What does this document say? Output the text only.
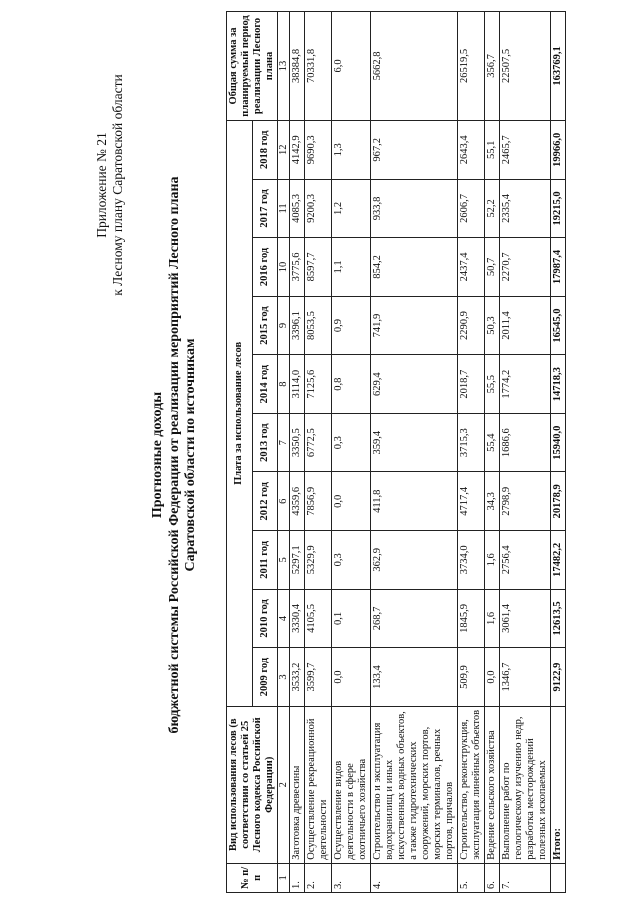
Приложение № 21 к Лесному плану Саратовской области
Прогнозные доходы бюджетной системы Российской Федерации от реализации мероприятий Лесного плана Саратовской области по источникам
№ п/п	Вид использования лесов (в соответствии со статьей 25 Лесного кодекса Российской Федерации)	Плата за использование лесов										Общая сумма за планируемый период реализации Лесного плана
		2009 год	2010 год	2011 год	2012 год	2013 год	2014 год	2015 год	2016 год	2017 год	2018 год	
1	2	3	4	5	6	7	8	9	10	11	12	13
1.	Заготовка древесины	3533,2	3330,4	5297,1	4359,6	3350,5	3114,0	3396,1	3775,6	4085,3	4142,9	38384,8
2.	Осуществление рекреационной деятельности	3599,7	4105,5	5329,9	7856,9	6772,5	7125,6	8053,5	8597,7	9200,3	9690,3	70331,8
3.	Осуществление видов деятельности в сфере охотничьего хозяйства	0,0	0,1	0,3	0,0	0,3	0,8	0,9	1,1	1,2	1,3	6,0
4.	Строительство и эксплуатация водохранилищ и иных искусственных водных объектов, а также гидротехнических сооружений, морских портов, морских терминалов, речных портов, причалов	133,4	268,7	362,9	411,8	359,4	629,4	741,9	854,2	933,8	967,2	5662,8
5.	Строительство, реконструкция, эксплуатация линейных объектов	509,9	1845,9	3734,0	4717,4	3715,3	2018,7	2290,9	2437,4	2606,7	2643,4	26519,5
6.	Ведение сельского хозяйства	0,0	1,6	1,6	34,3	55,4	55,5	50,3	50,7	52,2	55,1	356,7
7.	Выполнение работ по геологическому изучению недр, разработка месторождений полезных ископаемых	1346,7	3061,4	2756,4	2798,9	1686,6	1774,2	2011,4	2270,7	2335,4	2465,7	22507,5
	Итого:	9122,9	12613,5	17482,2	20178,9	15940,0	14718,3	16545,0	17987,4	19215,0	19966,0	163769,1
